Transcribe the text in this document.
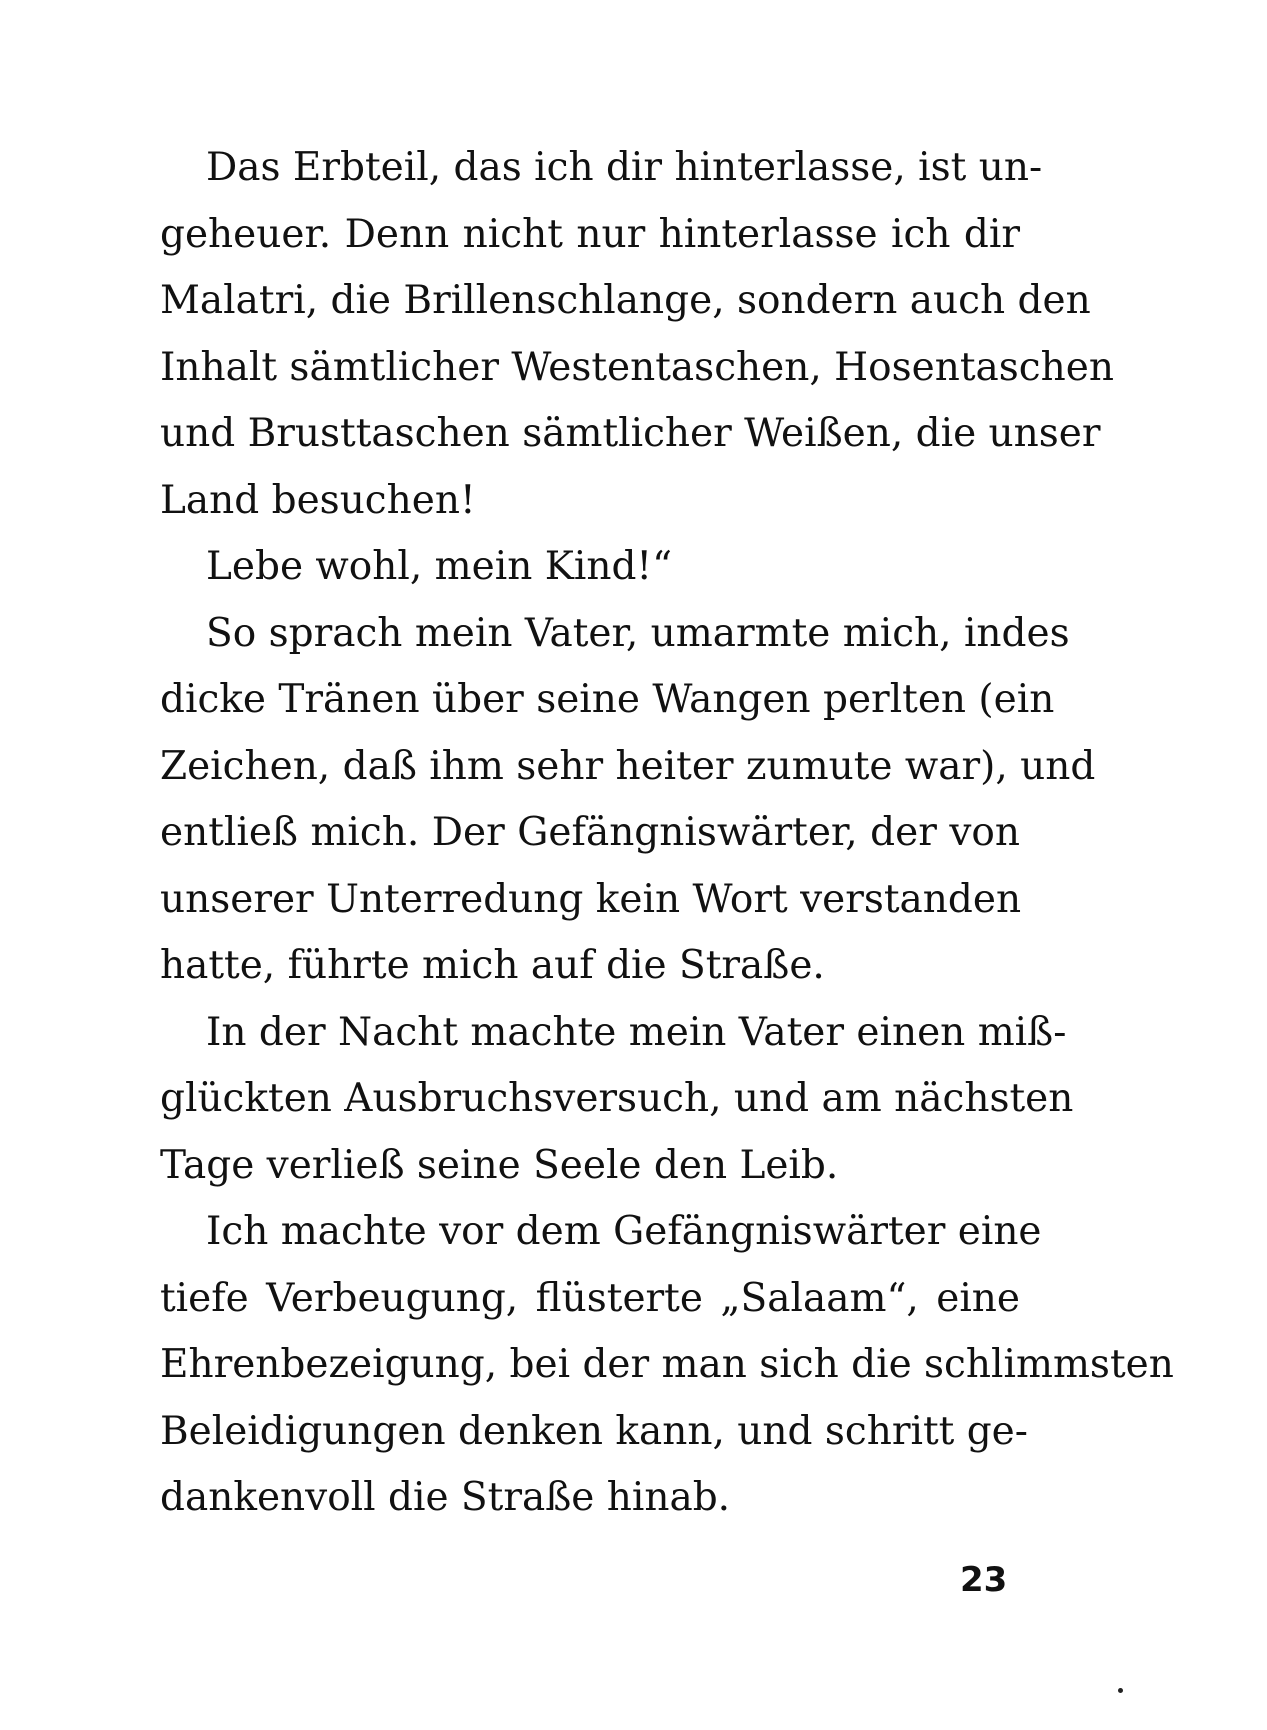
Das Erbteil, das ich dir hinterlasse, ist un-
geheuer. Denn nicht nur hinterlasse ich dir
Malatri, die Brillenschlange, sondern auch den
Inhalt sämtlicher Westentaschen, Hosentaschen
und Brusttaschen sämtlicher Weißen, die unser
Land besuchen!
Lebe wohl, mein Kind!“
So sprach mein Vater, umarmte mich, indes
dicke Tränen über seine Wangen perlten (ein
Zeichen, daß ihm sehr heiter zumute war), und
entließ mich. Der Gefängniswärter, der von
unserer Unterredung kein Wort verstanden
hatte, führte mich auf die Straße.
In der Nacht machte mein Vater einen miß-
glückten Ausbruchsversuch, und am nächsten
Tage verließ seine Seele den Leib.
Ich machte vor dem Gefängniswärter eine
tiefe Verbeugung, flüsterte „Salaam“, eine
Ehrenbezeigung, bei der man sich die schlimmsten
Beleidigungen denken kann, und schritt ge-
dankenvoll die Straße hinab.
23
